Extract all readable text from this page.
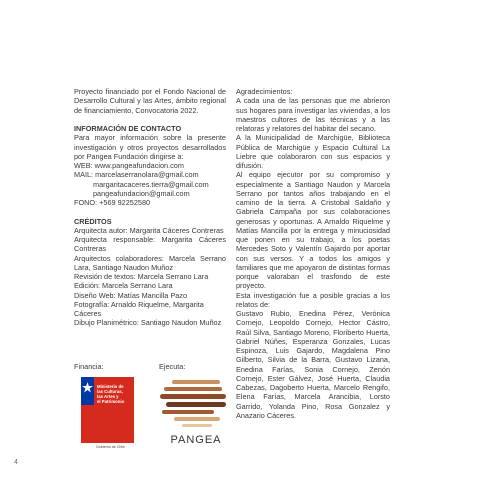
Proyecto financiado por el Fondo Nacional de Desarrollo Cultural y las Artes, ámbito regional de financiamiento, Convocatoria 2022.

INFORMACIÓN DE CONTACTO

Para mayor información sobre la presente investigación y otros proyectos desarrollados por Pangea Fundación dirigirse a:

WEB: www.pangeafundacion.com

MAIL: marcelaserranolara@gmail.com

margaritacaceres.tierra@gmail.com

pangeafundacion@gmail.com

FONO: +569 92252580

CRÉDITOS

Arquitecta autor: Margarita Cáceres Contreras

Arquitecta responsable: Margarita Cáceres Contreras

Arquitectos colaboradores: Marcela Serrano Lara, Santiago Naudon Muñoz

Revisión de textos: Marcela Serrano Lara

Edición: Marcela Serrano Lara

Diseño Web: Matías Mancilla Pazo

Fotografía: Arnaldo Riquelme, Margarita Cáceres

Dibujo Planimétrico: Santiago Naudon Muñoz

Financia:	Ejecuta:
Ministerio de
las Culturas,
las Artes y
el Patrimonio
Gobierno de Chile
PANGEA

Agradecimientos:

A cada una de las personas que me abrieron sus hogares para investigar las viviendas, a los maestros cultores de las técnicas y a las relatoras y relatores del habitar del secano.

A la Municipalidad de Marchigüe, Biblioteca Pública de Marchigüe y Espacio Cultural La Liebre que colaboraron con sus espacios y difusión.

Al equipo ejecutor por su compromiso y especialmente a Santiago Naudon y Marcela Serrano por tantos años trabajando en el camino de la tierra. A Cristobal Saldaño y Gabriela Campaña por sus colaboraciones generosas y oportunas. A Arnaldo Riquelme y Matías Mancilla por la entrega y minuciosidad que ponen en su trabajo, a los poetas Mercedes Soto y Valentín Gajardo por aportar con sus versos. Y a todos los amigos y familiares que me apoyaron de distintas formas porque valoraban el trasfondo de este proyecto.

Esta investigación fue a posible gracias a los relatos de:

Gustavo Rubio, Enedina Pérez, Verónica Cornejo, Leopoldo Cornejo, Hector Cástro, Raúl Silva, Santiago Moreno, Floriberto Huerta, Gabriel Núñes, Esperanza Gonzales, Lucas Espinoza, Luis Gajardo, Magdalena Pino Gilberto, Silvia de la Barra, Gustavo Lizana, Enedina Farías, Sonia Cornejo, Zenón Cornejo, Ester Gálvez, José Huerta, Claudia Cabezas, Dagoberto Huerta, Marcelo Rengifo, Elena Farías, Marcela Arancibia, Lorsto Garrido, Yolanda Pino, Rosa Gonzalez y Anazario Cáceres.

4
